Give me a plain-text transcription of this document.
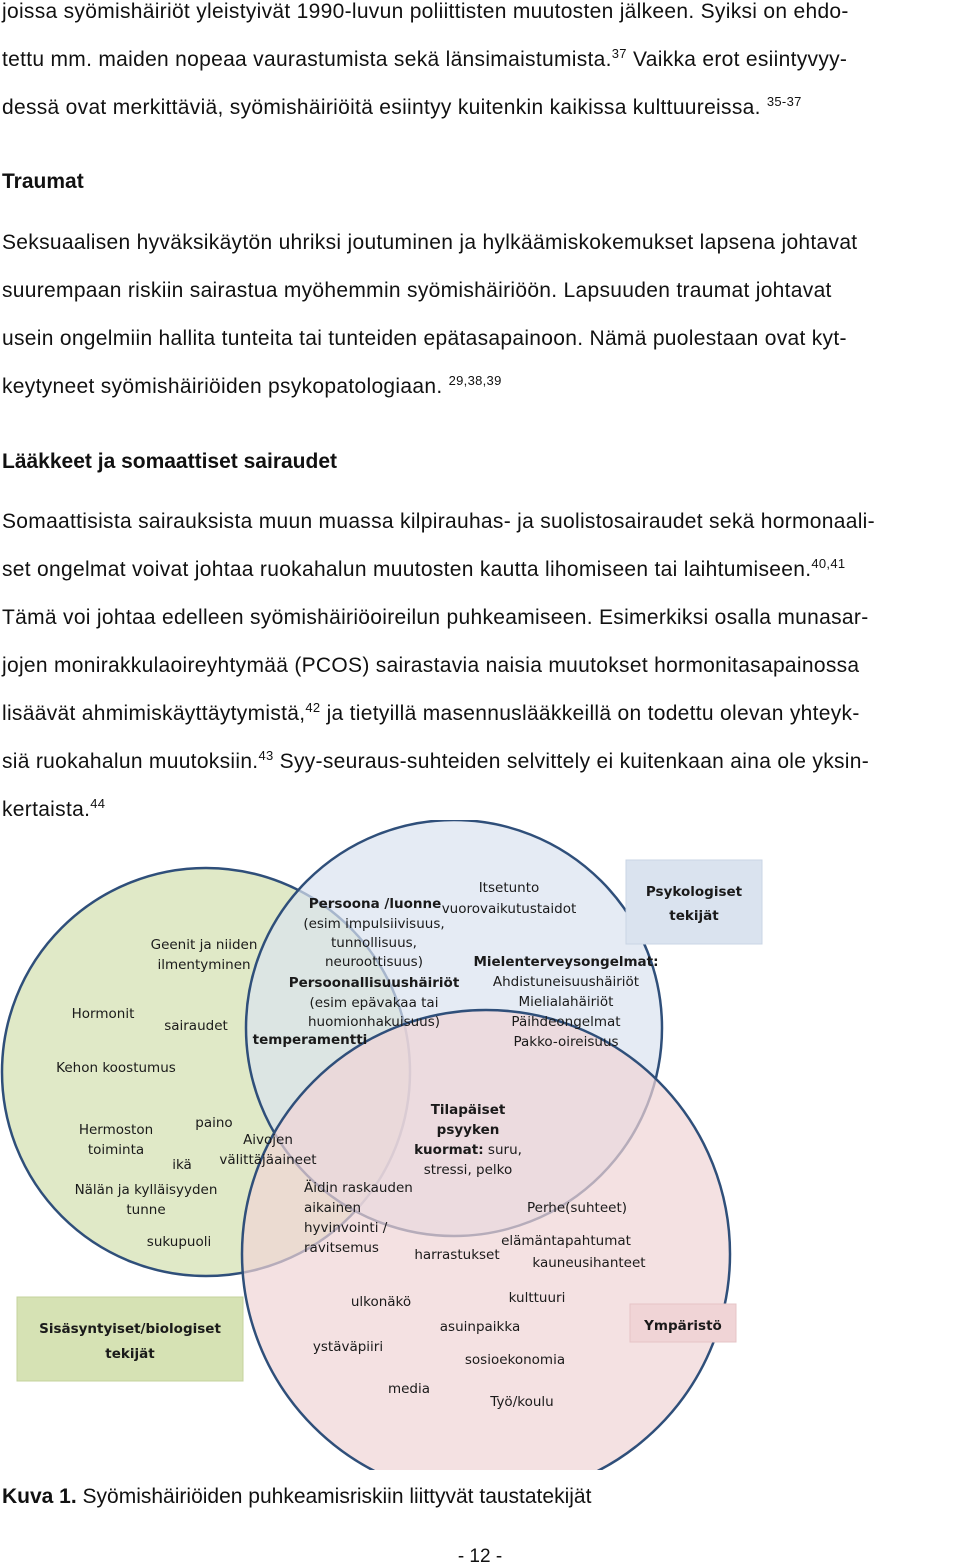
joissa syömishäiriöt yleistyivät 1990-luvun poliittisten muutosten jälkeen. Syiksi on ehdo-
tettu mm. maiden nopeaa vaurastumista sekä länsimaistumista.$^{37}$ Vaikka erot esiintyvyy-
dessä ovat merkittäviä, syömishäiriöitä esiintyy kuitenkin kaikissa kulttuureissa. $^{35-37}$
Traumat
Seksuaalisen hyväksikäytön uhriksi joutuminen ja hylkäämiskokemukset lapsena johtavat
suurempaan riskiin sairastua myöhemmin syömishäiriöön. Lapsuuden traumat johtavat
usein ongelmiin hallita tunteita tai tunteiden epätasapainoon. Nämä puolestaan ovat kyt-
keytyneet syömishäiriöiden psykopatologiaan. $^{29,38,39}$
Lääkkeet ja somaattiset sairaudet
Somaattisista sairauksista muun muassa kilpirauhas- ja suolistosairaudet sekä hormonaali-
set ongelmat voivat johtaa ruokahalun muutosten kautta lihomiseen tai laihtumiseen.$^{40,41}$
Tämä voi johtaa edelleen syömishäiriöoireilun puhkeamiseen. Esimerkiksi osalla munasar-
jojen monirakkulaoireyhtymää (PCOS) sairastavia naisia muutokset hormonitasapainossa
lisäävät ahmimiskäyttäytymistä,$^{42}$ ja tietyillä masennuslääkkeillä on todettu olevan yhteyk-
siä ruokahalun muutoksiin.$^{43}$ Syy-seuraus-suhteiden selvittely ei kuitenkaan aina ole yksin-
kertaista.$^{44}$
Psykologiset
tekijät
Sisäsyntyiset/biologiset
tekijät
Ympäristö
Geenit ja niiden
ilmentyminen
Hormonit
sairaudet
Kehon koostumus
Hermoston
toiminta
paino
ikä
Nälän ja kylläisyyden
tunne
sukupuoli
Aivojen
välittäjäaineet
Persoona /luonne
(esim impulsiivisuus,
tunnollisuus,
neuroottisuus)
Persoonallisuushäiriöt
(esim epävakaa tai
huomionhakuisuus)
temperamentti
Itsetunto
vuorovaikutustaidot
Mielenterveysongelmat:
Ahdistuneisuushäiriöt
Mielialahäiriöt
Päihdeongelmat
Pakko-oireisuus
Tilapäiset
psyyken
kuormat: suru,
stressi, pelko
Äidin raskauden
aikainen
hyvinvointi /
ravitsemus
Perhe(suhteet)
elämäntapahtumat
kauneusihanteet
harrastukset
ulkonäkö	kulttuuri
asuinpaikka
ystäväpiiri
sosioekonomia
media
Työ/koulu
Kuva 1. Syömishäiriöiden puhkeamisriskiin liittyvät taustatekijät
- 12 -
